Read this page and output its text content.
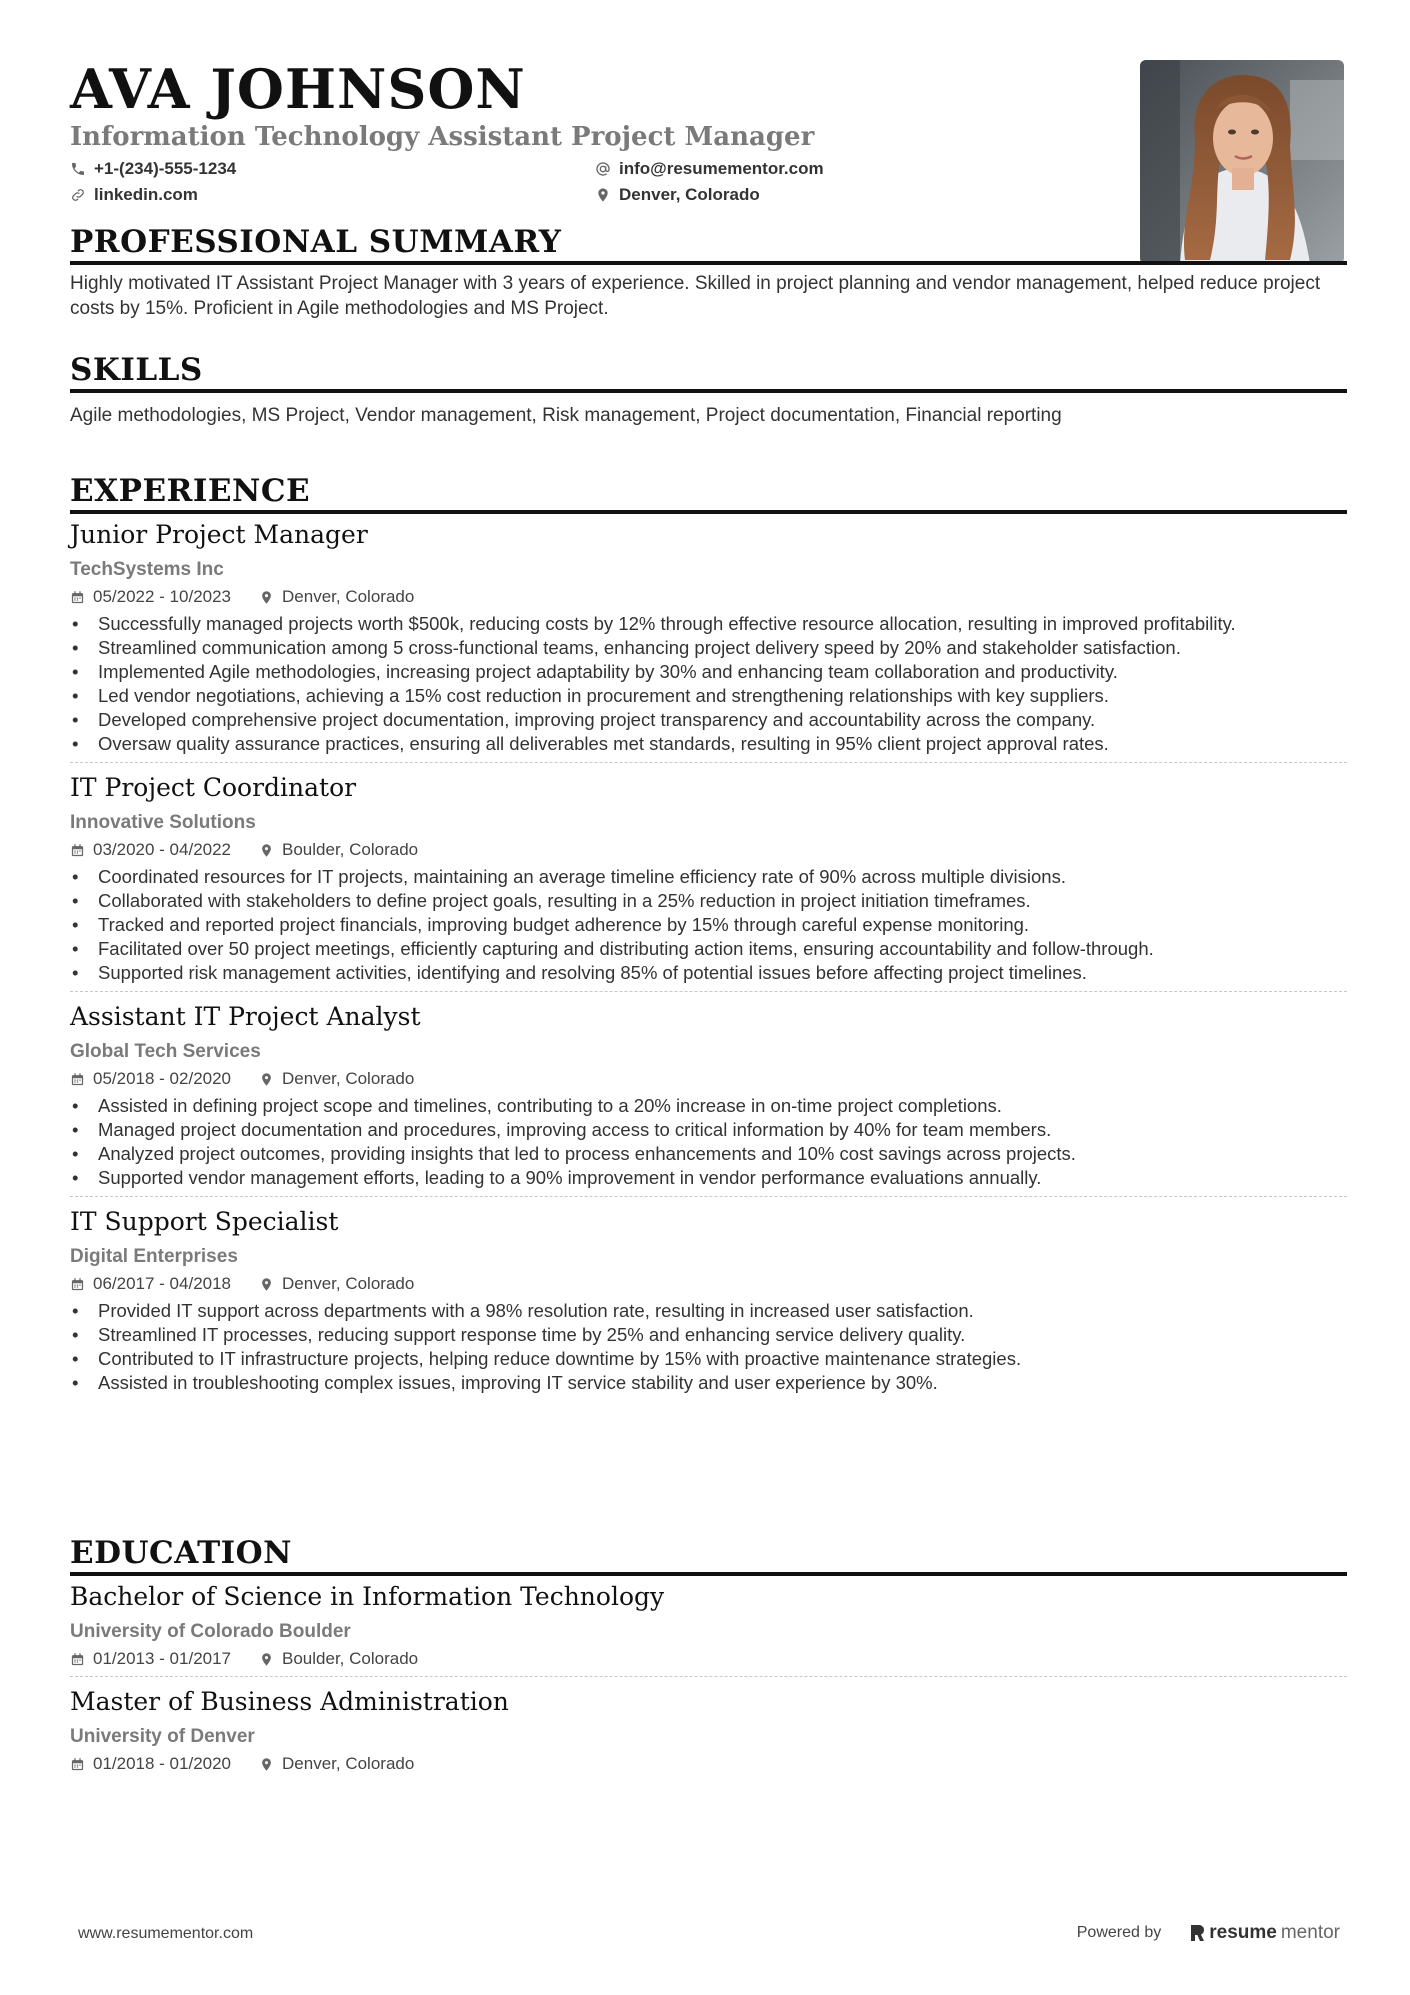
AVA JOHNSON
Information Technology Assistant Project Manager
+1-(234)-555-1234	info@resumementor.com
linkedin.com	Denver, Colorado
PROFESSIONAL SUMMARY
Highly motivated IT Assistant Project Manager with 3 years of experience. Skilled in project planning and vendor management, helped reduce project costs by 15%. Proficient in Agile methodologies and MS Project.
SKILLS
Agile methodologies, MS Project, Vendor management, Risk management, Project documentation, Financial reporting
EXPERIENCE
Junior Project Manager
TechSystems Inc
05/2022 - 10/2023	Denver, Colorado
• Successfully managed projects worth $500k, reducing costs by 12% through effective resource allocation, resulting in improved profitability.
• Streamlined communication among 5 cross-functional teams, enhancing project delivery speed by 20% and stakeholder satisfaction.
• Implemented Agile methodologies, increasing project adaptability by 30% and enhancing team collaboration and productivity.
• Led vendor negotiations, achieving a 15% cost reduction in procurement and strengthening relationships with key suppliers.
• Developed comprehensive project documentation, improving project transparency and accountability across the company.
• Oversaw quality assurance practices, ensuring all deliverables met standards, resulting in 95% client project approval rates.
IT Project Coordinator
Innovative Solutions
03/2020 - 04/2022	Boulder, Colorado
• Coordinated resources for IT projects, maintaining an average timeline efficiency rate of 90% across multiple divisions.
• Collaborated with stakeholders to define project goals, resulting in a 25% reduction in project initiation timeframes.
• Tracked and reported project financials, improving budget adherence by 15% through careful expense monitoring.
• Facilitated over 50 project meetings, efficiently capturing and distributing action items, ensuring accountability and follow-through.
• Supported risk management activities, identifying and resolving 85% of potential issues before affecting project timelines.
Assistant IT Project Analyst
Global Tech Services
05/2018 - 02/2020	Denver, Colorado
• Assisted in defining project scope and timelines, contributing to a 20% increase in on-time project completions.
• Managed project documentation and procedures, improving access to critical information by 40% for team members.
• Analyzed project outcomes, providing insights that led to process enhancements and 10% cost savings across projects.
• Supported vendor management efforts, leading to a 90% improvement in vendor performance evaluations annually.
IT Support Specialist
Digital Enterprises
06/2017 - 04/2018	Denver, Colorado
• Provided IT support across departments with a 98% resolution rate, resulting in increased user satisfaction.
• Streamlined IT processes, reducing support response time by 25% and enhancing service delivery quality.
• Contributed to IT infrastructure projects, helping reduce downtime by 15% with proactive maintenance strategies.
• Assisted in troubleshooting complex issues, improving IT service stability and user experience by 30%.
EDUCATION
Bachelor of Science in Information Technology
University of Colorado Boulder
01/2013 - 01/2017	Boulder, Colorado
Master of Business Administration
University of Denver
01/2018 - 01/2020	Denver, Colorado
www.resumementor.com	Powered by	resume mentor
